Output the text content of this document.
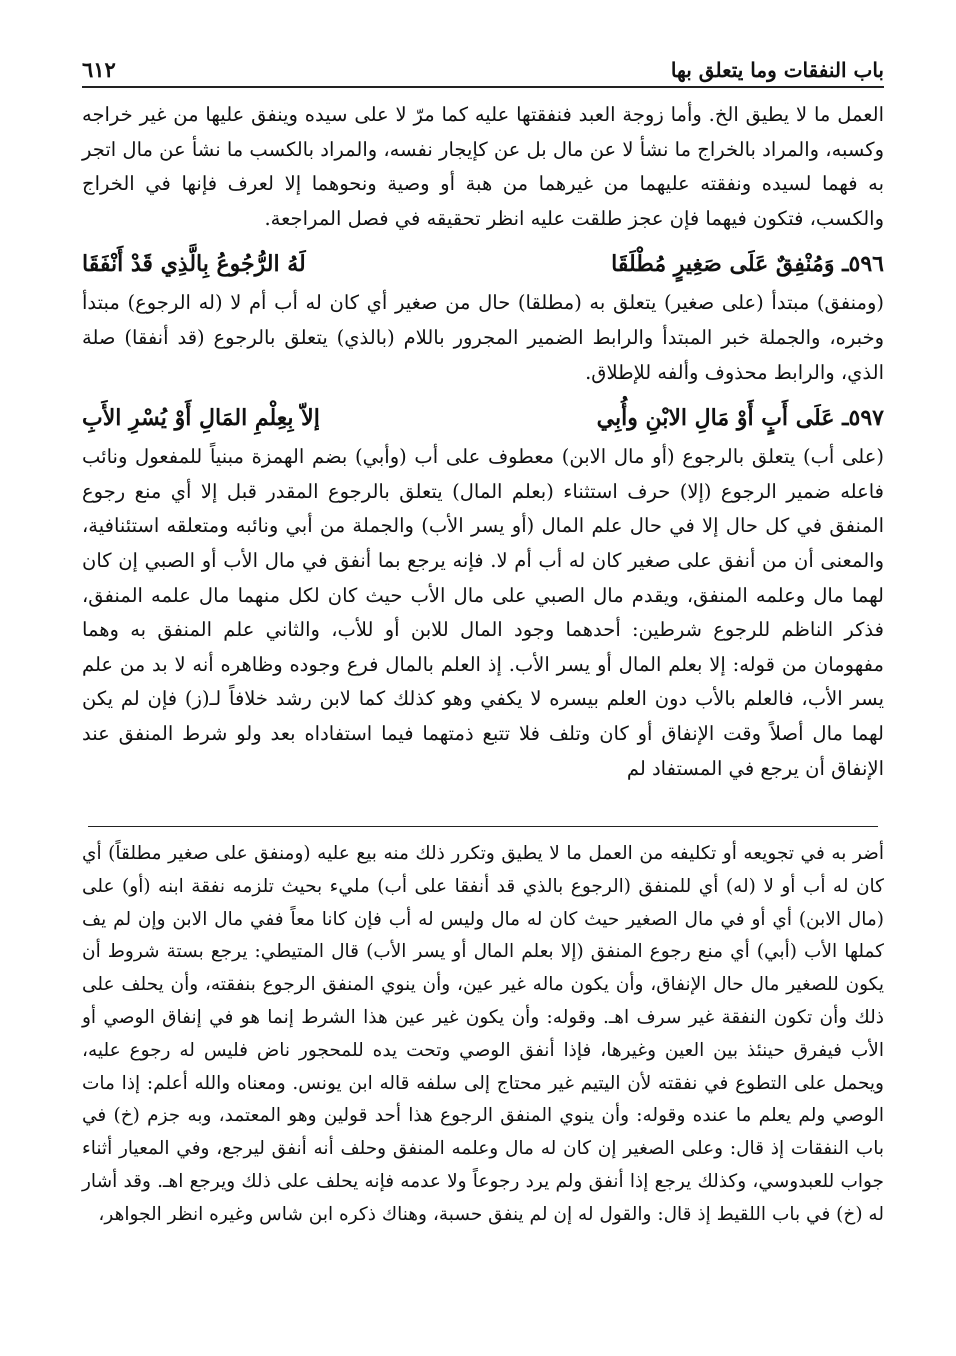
باب النفقات وما يتعلق بها
٦١٢

العمل ما لا يطيق الخ. وأما زوجة العبد فنفقتها عليه كما مرّ لا على سيده وينفق عليها من غير خراجه وكسبه، والمراد بالخراج ما نشأ لا عن مال بل عن كإيجار نفسه، والمراد بالكسب ما نشأ عن مال اتجر به فهما لسيده ونفقته عليهما من غيرهما من هبة أو وصية ونحوهما إلا لعرف فإنها في الخراج والكسب، فتكون فيهما فإن عجز طلقت عليه انظر تحقيقه في فصل المراجعة.

٥٩٦ـ وَمُنْفِقٌ عَلَى صَغِيرٍ مُطْلَقَا
لَهُ الرُّجُوعُ بِالَّذِي قَدْ أَنْفَقَا

(ومنفق) مبتدأ (على صغير) يتعلق به (مطلقا) حال من صغير أي كان له أب أم لا (له الرجوع) مبتدأ وخبره، والجملة خبر المبتدأ والرابط الضمير المجرور باللام (بالذي) يتعلق بالرجوع (قد أنفقا) صلة الذي، والرابط محذوف وألفه للإطلاق.

٥٩٧ـ عَلَى أَبٍ أَوْ مَالِ الابْنِ وأُبِي
إلاّ بِعِلْمِ المَالِ أَوْ يُسْرِ الأَبِ

(على أب) يتعلق بالرجوع (أو مال الابن) معطوف على أب (وأبي) بضم الهمزة مبنياً للمفعول ونائب فاعله ضمير الرجوع (إلا) حرف استثناء (بعلم المال) يتعلق بالرجوع المقدر قبل إلا أي منع رجوع المنفق في كل حال إلا في حال علم المال (أو يسر الأب) والجملة من أبي ونائبه ومتعلقه استئنافية، والمعنى أن من أنفق على صغير كان له أب أم لا. فإنه يرجع بما أنفق في مال الأب أو الصبي إن كان لهما مال وعلمه المنفق، ويقدم مال الصبي على مال الأب حيث كان لكل منهما مال علمه المنفق، فذكر الناظم للرجوع شرطين: أحدهما وجود المال للابن أو للأب، والثاني علم المنفق به وهما مفهومان من قوله: إلا بعلم المال أو يسر الأب. إذ العلم بالمال فرع وجوده وظاهره أنه لا بد من علم يسر الأب، فالعلم بالأب دون العلم بيسره لا يكفي وهو كذلك كما لابن رشد خلافاً لـ(ز) فإن لم يكن لهما مال أصلاً وقت الإنفاق أو كان وتلف فلا تتبع ذمتهما فيما استفاداه بعد ولو شرط المنفق عند الإنفاق أن يرجع في المستفاد لم

أضر به في تجويعه أو تكليفه من العمل ما لا يطيق وتكرر ذلك منه بيع عليه (ومنفق على صغير مطلقاً) أي كان له أب أو لا (له) أي للمنفق (الرجوع بالذي قد أنفقا على أب) مليء بحيث تلزمه نفقة ابنه (أو) على (مال الابن) أي أو في مال الصغير حيث كان له مال وليس له أب فإن كانا معاً ففي مال الابن وإن لم يف كملها الأب (أبي) أي منع رجوع المنفق (إلا بعلم المال أو يسر الأب) قال المتيطي: يرجع بستة شروط أن يكون للصغير مال حال الإنفاق، وأن يكون ماله غير عين، وأن ينوي المنفق الرجوع بنفقته، وأن يحلف على ذلك وأن تكون النفقة غير سرف اهـ. وقوله: وأن يكون غير عين هذا الشرط إنما هو في إنفاق الوصي أو الأب فيفرق حينئذ بين العين وغيرها، فإذا أنفق الوصي وتحت يده للمحجور ناض فليس له رجوع عليه، ويحمل على التطوع في نفقته لأن اليتيم غير محتاج إلى سلفه قاله ابن يونس. ومعناه والله أعلم: إذا مات الوصي ولم يعلم ما عنده وقوله: وأن ينوي المنفق الرجوع هذا أحد قولين وهو المعتمد، وبه جزم (خ) في باب النفقات إذ قال: وعلى الصغير إن كان له مال وعلمه المنفق وحلف أنه أنفق ليرجع، وفي المعيار أثناء جواب للعبدوسي، وكذلك يرجع إذا أنفق ولم يرد رجوعاً ولا عدمه فإنه يحلف على ذلك ويرجع اهـ. وقد أشار له (خ) في باب اللقيط إذ قال: والقول له إن لم ينفق حسبة، وهناك ذكره ابن شاس وغيره انظر الجواهر،
